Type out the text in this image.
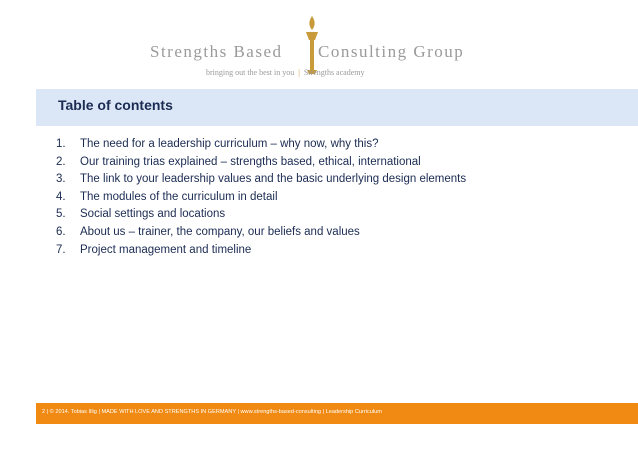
Strengths Based Consulting Group
bringing out the best in you | Strengths academy
Table of contents
1. The need for a leadership curriculum – why now, why this?
2. Our training trias explained – strengths based, ethical, international
3. The link to your leadership values and the basic underlying design elements
4. The modules of the curriculum in detail
5. Social settings and locations
6. About us – trainer, the company, our beliefs and values
7. Project management and timeline
2 | © 2014. Tobias Illig | MADE WITH LOVE AND STRENGTHS IN GERMANY | www.strengths-based-consulting | Leadership Curriculum
